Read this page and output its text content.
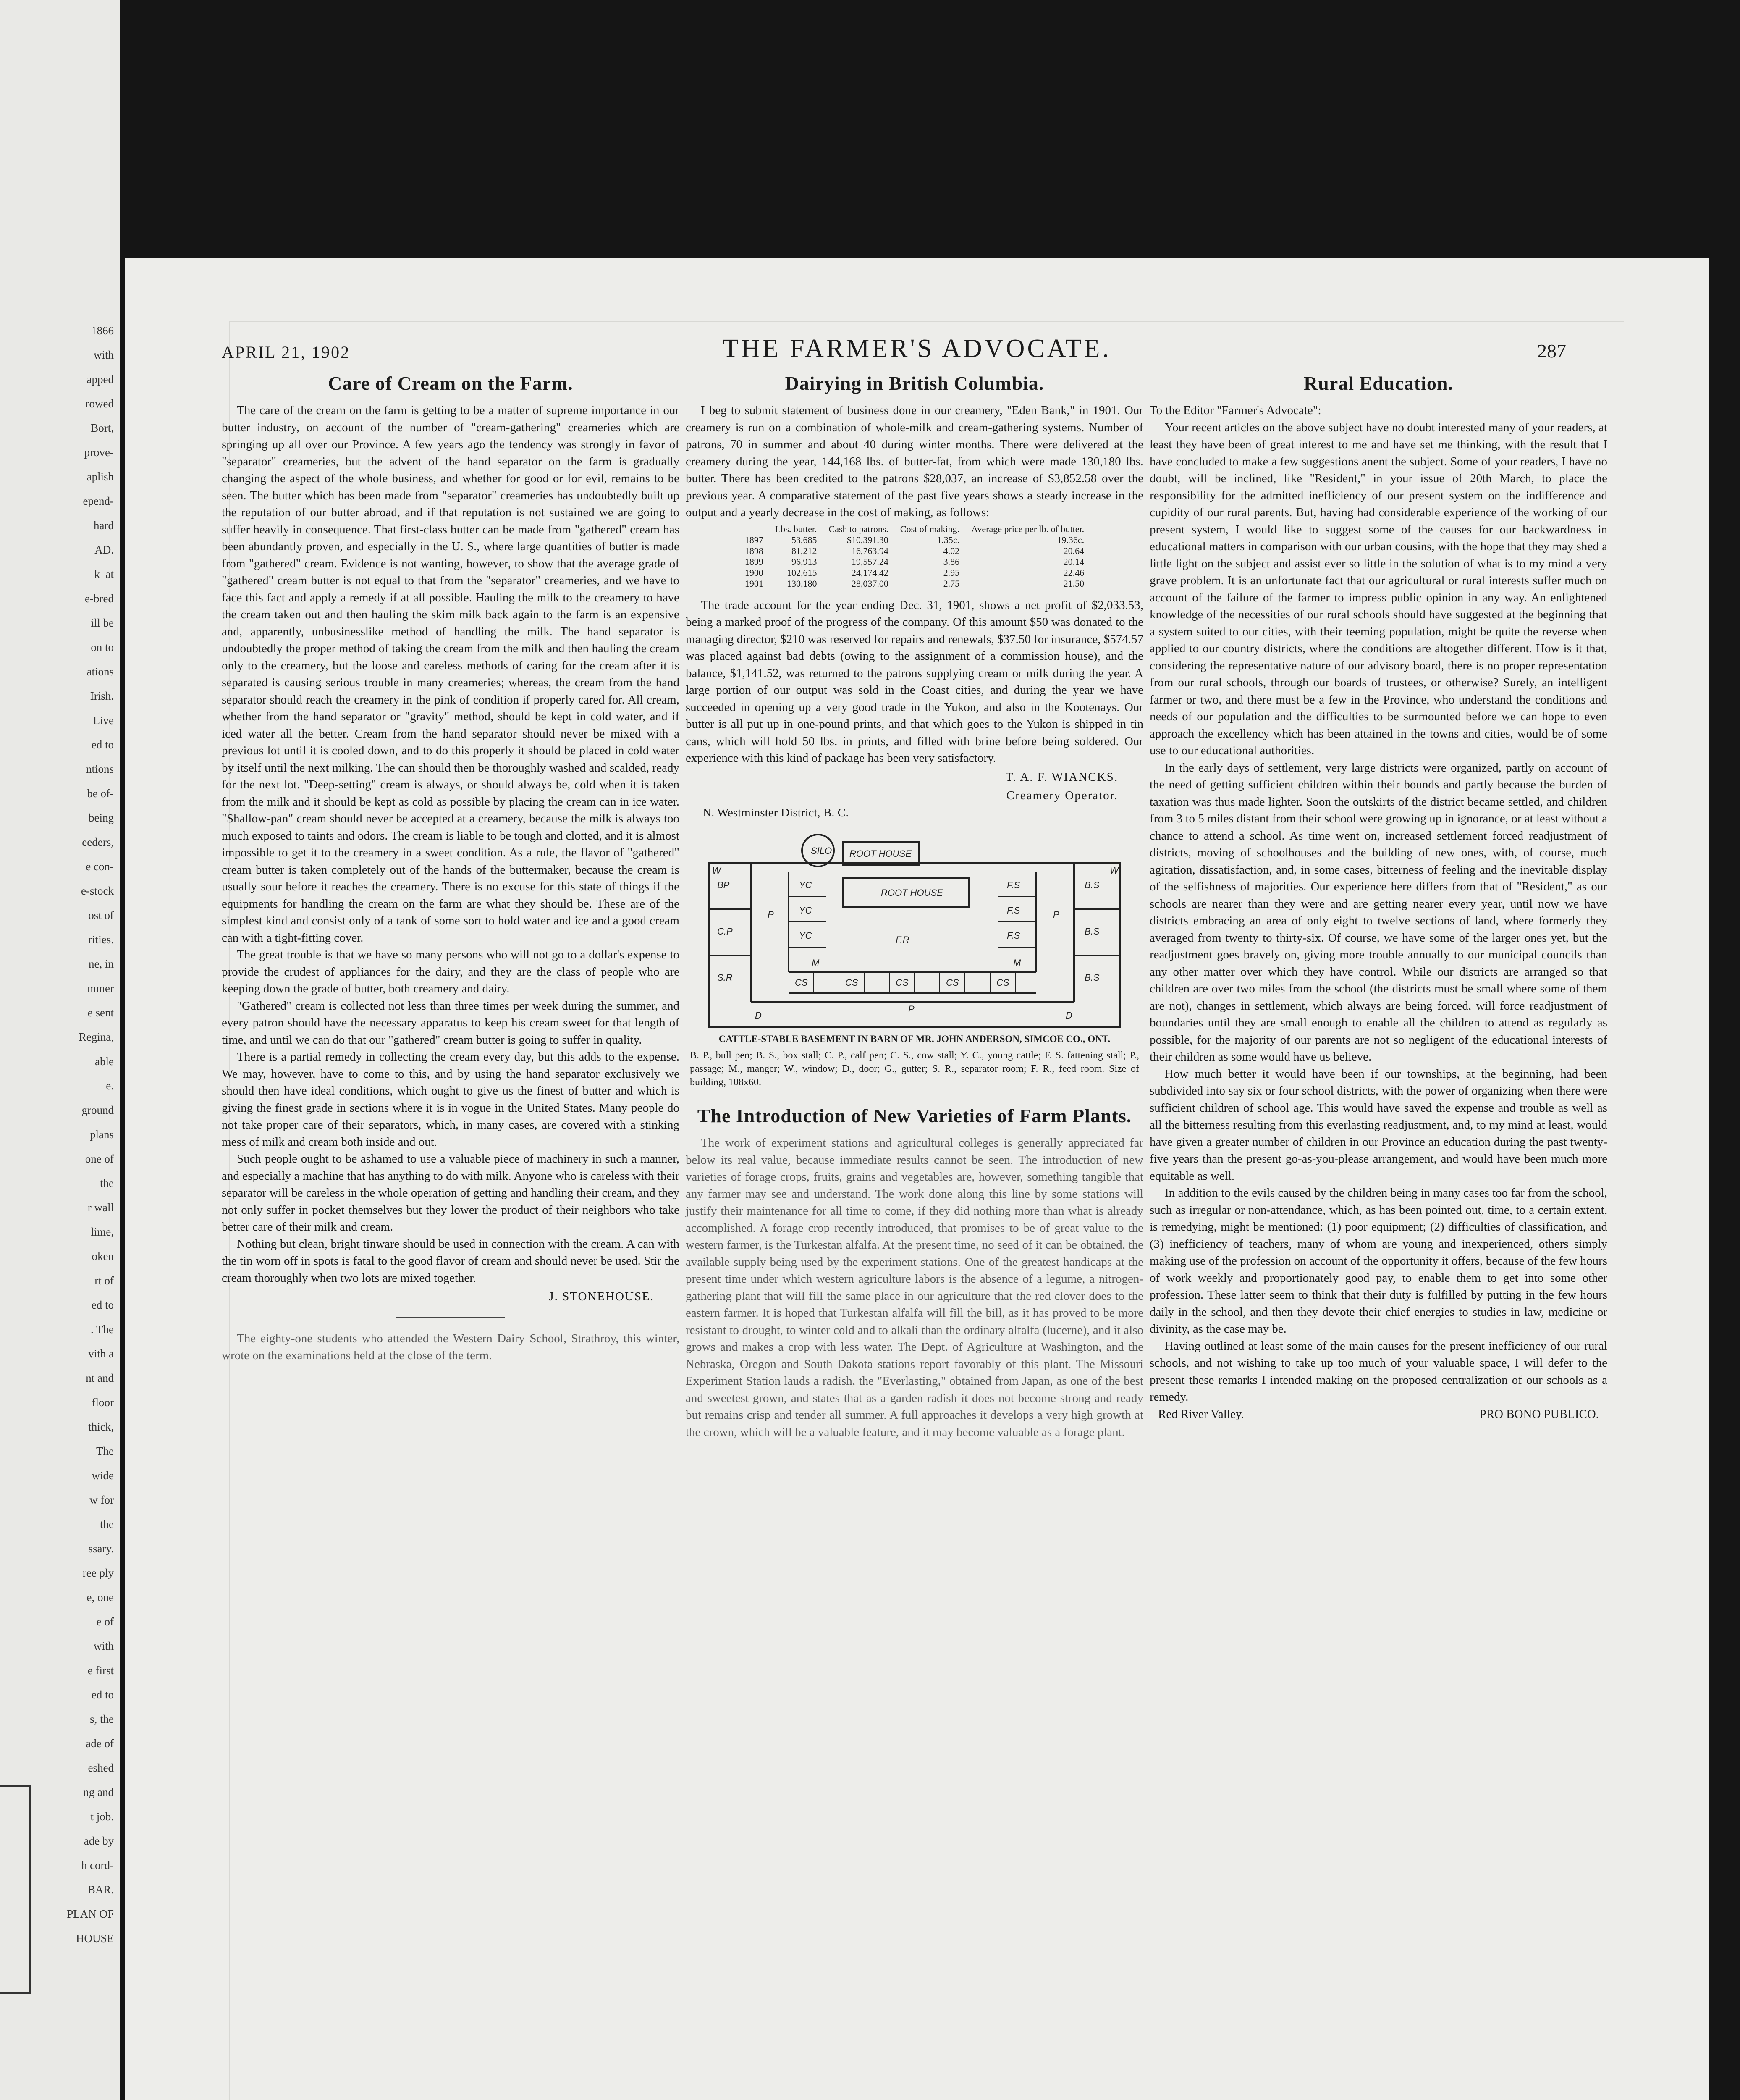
1866
with
apped
rowed
Bort,
prove-
aplish
epend-
hard
AD.
k  at
e-bred
ill be
on to
ations
Irish.
Live
ed to
ntions
be of-
being
eeders,
e con-
e-stock
ost of
rities.
ne, in
mmer
e sent
Regina,
able
e.
ground
plans
one of
the
r wall
lime,
oken
rt of
ed to
. The
vith a
nt and
floor
thick,
The
wide
w for
the
ssary.
ree ply
e, one
e of
with
e first
ed to
s, the
ade of
eshed
ng and
t job.
ade by
h cord-
BAR.
PLAN OF
HOUSE
APRIL 21, 1902	THE FARMER'S ADVOCATE.	287
Care of Cream on the Farm.

The care of the cream on the farm is getting to be a matter of supreme importance in our butter industry, on account of the number of "cream-gathering" creameries which are springing up all over our Province. A few years ago the tendency was strongly in favor of "separator" creameries, but the advent of the hand separator on the farm is gradually changing the aspect of the whole business, and whether for good or for evil, remains to be seen. The butter which has been made from "separator" creameries has undoubtedly built up the reputation of our butter abroad, and if that reputation is not sustained we are going to suffer heavily in consequence. That first-class butter can be made from "gathered" cream has been abundantly proven, and especially in the U. S., where large quantities of butter is made from "gathered" cream. Evidence is not wanting, however, to show that the average grade of "gathered" cream butter is not equal to that from the "separator" creameries, and we have to face this fact and apply a remedy if at all possible. Hauling the milk to the creamery to have the cream taken out and then hauling the skim milk back again to the farm is an expensive and, apparently, unbusinesslike method of handling the milk. The hand separator is undoubtedly the proper method of taking the cream from the milk and then hauling the cream only to the creamery, but the loose and careless methods of caring for the cream after it is separated is causing serious trouble in many creameries; whereas, the cream from the hand separator should reach the creamery in the pink of condition if properly cared for. All cream, whether from the hand separator or "gravity" method, should be kept in cold water, and if iced water all the better. Cream from the hand separator should never be mixed with a previous lot until it is cooled down, and to do this properly it should be placed in cold water by itself until the next milking. The can should then be thoroughly washed and scalded, ready for the next lot. "Deep-setting" cream is always, or should always be, cold when it is taken from the milk and it should be kept as cold as possible by placing the cream can in ice water. "Shallow-pan" cream should never be accepted at a creamery, because the milk is always too much exposed to taints and odors. The cream is liable to be tough and clotted, and it is almost impossible to get it to the creamery in a sweet condition. As a rule, the flavor of "gathered" cream butter is taken completely out of the hands of the buttermaker, because the cream is usually sour before it reaches the creamery. There is no excuse for this state of things if the equipments for handling the cream on the farm are what they should be. These are of the simplest kind and consist only of a tank of some sort to hold water and ice and a good cream can with a tight-fitting cover.

The great trouble is that we have so many persons who will not go to a dollar's expense to provide the crudest of appliances for the dairy, and they are the class of people who are keeping down the grade of butter, both creamery and dairy.

"Gathered" cream is collected not less than three times per week during the summer, and every patron should have the necessary apparatus to keep his cream sweet for that length of time, and until we can do that our "gathered" cream butter is going to suffer in quality.

There is a partial remedy in collecting the cream every day, but this adds to the expense. We may, however, have to come to this, and by using the hand separator exclusively we should then have ideal conditions, which ought to give us the finest of butter and which is giving the finest grade in sections where it is in vogue in the United States. Many people do not take proper care of their separators, which, in many cases, are covered with a stinking mess of milk and cream both inside and out.

Such people ought to be ashamed to use a valuable piece of machinery in such a manner, and especially a machine that has anything to do with milk. Anyone who is careless with their separator will be careless in the whole operation of getting and handling their cream, and they not only suffer in pocket themselves but they lower the product of their neighbors who take better care of their milk and cream.

Nothing but clean, bright tinware should be used in connection with the cream. A can with the tin worn off in spots is fatal to the good flavor of cream and should never be used. Stir the cream thoroughly when two lots are mixed together.

J. STONEHOUSE.

The eighty-one students who attended the Western Dairy School, Strathroy, this winter, wrote on the examinations held at the close of the term.

Dairying in British Columbia.

I beg to submit statement of business done in our creamery, "Eden Bank," in 1901. Our creamery is run on a combination of whole-milk and cream-gathering systems. Number of patrons, 70 in summer and about 40 during winter months. There were delivered at the creamery during the year, 144,168 lbs. of butter-fat, from which were made 130,180 lbs. butter. There has been credited to the patrons $28,037, an increase of $3,852.58 over the previous year. A comparative statement of the past five years shows a steady increase in the output and a yearly decrease in the cost of making, as follows:

	Lbs. butter.	Cash to patrons.	Cost of making.	Average price per lb. of butter.
1897	53,685	$10,391.30	1.35c.	19.36c.
1898	81,212	16,763.94	4.02	20.64
1899	96,913	19,557.24	3.86	20.14
1900	102,615	24,174.42	2.95	22.46
1901	130,180	28,037.00	2.75	21.50

The trade account for the year ending Dec. 31, 1901, shows a net profit of $2,033.53, being a marked proof of the progress of the company. Of this amount $50 was donated to the managing director, $210 was reserved for repairs and renewals, $37.50 for insurance, $574.57 was placed against bad debts (owing to the assignment of a commission house), and the balance, $1,141.52, was returned to the patrons supplying cream or milk during the year. A large portion of our output was sold in the Coast cities, and during the year we have succeeded in opening up a very good trade in the Yukon, and also in the Kootenays. Our butter is all put up in one-pound prints, and that which goes to the Yukon is shipped in tin cans, which will hold 50 lbs. in prints, and filled with brine before being soldered. Our experience with this kind of package has been very satisfactory.

T. A. F. WIANCKS,
Creamery Operator.
N. Westminster District, B. C.
SILO ROOT HOUSE
ROOT HOUSE
F.R
BP
C.P
S.R
YC
YC
YC
F.S
F.S
F.S
B.S
B.S
B.S
CS	CS	CS	CS	CS
P
P	P
D	D
M	M
W	W
CATTLE-STABLE BASEMENT IN BARN OF MR. JOHN ANDERSON, SIMCOE CO., ONT.
B. P., bull pen; B. S., box stall; C. P., calf pen; C. S., cow stall; Y. C., young cattle; F. S. fattening stall; P., passage; M., manger; W., window; D., door; G., gutter; S. R., separator room; F. R., feed room. Size of building, 108x60.
The Introduction of New Varieties of Farm Plants.

The work of experiment stations and agricultural colleges is generally appreciated far below its real value, because immediate results cannot be seen. The introduction of new varieties of forage crops, fruits, grains and vegetables are, however, something tangible that any farmer may see and understand. The work done along this line by some stations will justify their maintenance for all time to come, if they did nothing more than what is already accomplished. A forage crop recently introduced, that promises to be of great value to the western farmer, is the Turkestan alfalfa. At the present time, no seed of it can be obtained, the available supply being used by the experiment stations. One of the greatest handicaps at the present time under which western agriculture labors is the absence of a legume, a nitrogen-gathering plant that will fill the same place in our agriculture that the red clover does to the eastern farmer. It is hoped that Turkestan alfalfa will fill the bill, as it has proved to be more resistant to drought, to winter cold and to alkali than the ordinary alfalfa (lucerne), and it also grows and makes a crop with less water. The Dept. of Agriculture at Washington, and the Nebraska, Oregon and South Dakota stations report favorably of this plant. The Missouri Experiment Station lauds a radish, the "Everlasting," obtained from Japan, as one of the best and sweetest grown, and states that as a garden radish it does not become strong and ready but remains crisp and tender all summer. A full approaches it develops a very high growth at the crown, which will be a valuable feature, and it may become valuable as a forage plant.

Rural Education.

To the Editor "Farmer's Advocate":

Your recent articles on the above subject have no doubt interested many of your readers, at least they have been of great interest to me and have set me thinking, with the result that I have concluded to make a few suggestions anent the subject. Some of your readers, I have no doubt, will be inclined, like "Resident," in your issue of 20th March, to place the responsibility for the admitted inefficiency of our present system on the indifference and cupidity of our rural parents. But, having had considerable experience of the working of our present system, I would like to suggest some of the causes for our backwardness in educational matters in comparison with our urban cousins, with the hope that they may shed a little light on the subject and assist ever so little in the solution of what is to my mind a very grave problem. It is an unfortunate fact that our agricultural or rural interests suffer much on account of the failure of the farmer to impress public opinion in any way. An enlightened knowledge of the necessities of our rural schools should have suggested at the beginning that a system suited to our cities, with their teeming population, might be quite the reverse when applied to our country districts, where the conditions are altogether different. How is it that, considering the representative nature of our advisory board, there is no proper representation from our rural schools, through our boards of trustees, or otherwise? Surely, an intelligent farmer or two, and there must be a few in the Province, who understand the conditions and needs of our population and the difficulties to be surmounted before we can hope to even approach the excellency which has been attained in the towns and cities, would be of some use to our educational authorities.

In the early days of settlement, very large districts were organized, partly on account of the need of getting sufficient children within their bounds and partly because the burden of taxation was thus made lighter. Soon the outskirts of the district became settled, and children from 3 to 5 miles distant from their school were growing up in ignorance, or at least without a chance to attend a school. As time went on, increased settlement forced readjustment of districts, moving of schoolhouses and the building of new ones, with, of course, much agitation, dissatisfaction, and, in some cases, bitterness of feeling and the inevitable display of the selfishness of majorities. Our experience here differs from that of "Resident," as our schools are nearer than they were and are getting nearer every year, until now we have districts embracing an area of only eight to twelve sections of land, where formerly they averaged from twenty to thirty-six. Of course, we have some of the larger ones yet, but the readjustment goes bravely on, giving more trouble annually to our municipal councils than any other matter over which they have control. While our districts are arranged so that children are over two miles from the school (the districts must be small where some of them are not), changes in settlement, which always are being forced, will force readjustment of boundaries until they are small enough to enable all the children to attend as regularly as possible, for the majority of our parents are not so negligent of the educational interests of their children as some would have us believe.

How much better it would have been if our townships, at the beginning, had been subdivided into say six or four school districts, with the power of organizing when there were sufficient children of school age. This would have saved the expense and trouble as well as all the bitterness resulting from this everlasting readjustment, and, to my mind at least, would have given a greater number of children in our Province an education during the past twenty-five years than the present go-as-you-please arrangement, and would have been much more equitable as well.

In addition to the evils caused by the children being in many cases too far from the school, such as irregular or non-attendance, which, as has been pointed out, time, to a certain extent, is remedying, might be mentioned: (1) poor equipment; (2) difficulties of classification, and (3) inefficiency of teachers, many of whom are young and inexperienced, others simply making use of the profession on account of the opportunity it offers, because of the few hours of work weekly and proportionately good pay, to enable them to get into some other profession. These latter seem to think that their duty is fulfilled by putting in the few hours daily in the school, and then they devote their chief energies to studies in law, medicine or divinity, as the case may be.

Having outlined at least some of the main causes for the present inefficiency of our rural schools, and not wishing to take up too much of your valuable space, I will defer to the present these remarks I intended making on the proposed centralization of our schools as a remedy.

Red River Valley.	PRO BONO PUBLICO.
